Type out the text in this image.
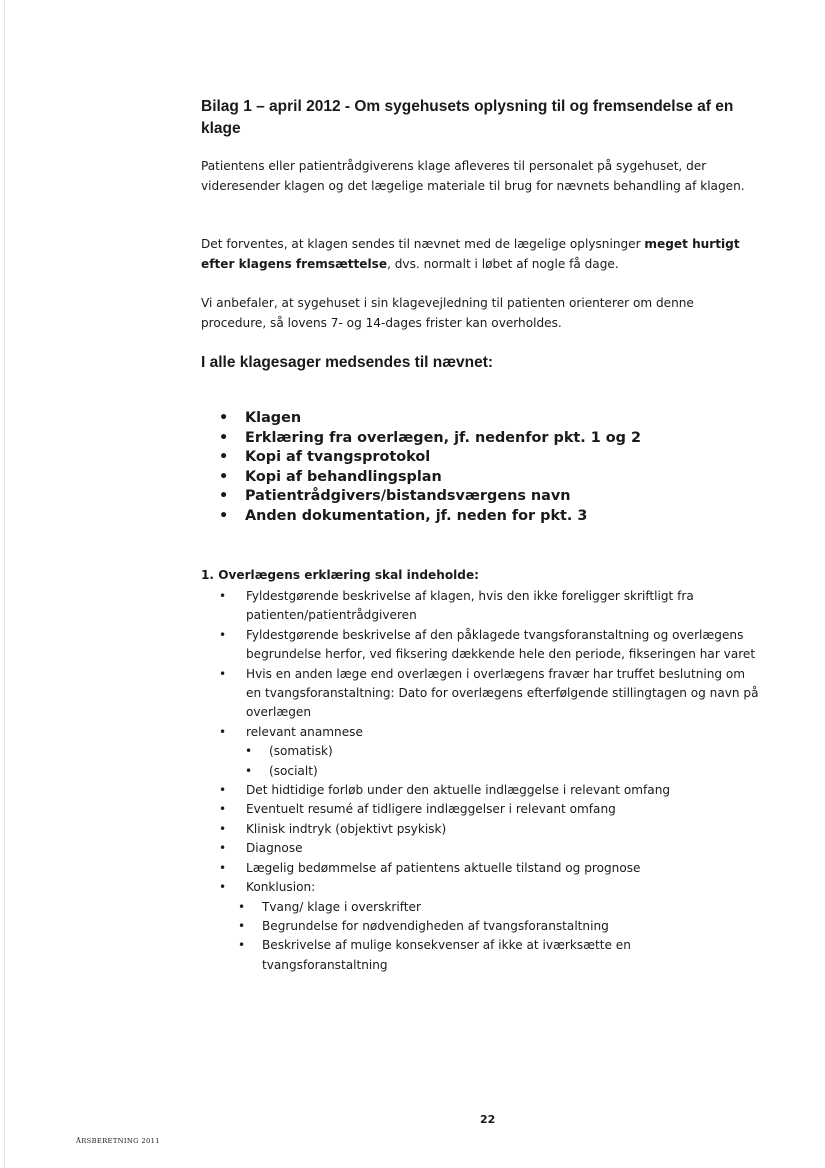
Bilag 1 – april 2012 - Om sygehusets oplysning til og fremsendelse af en klage

Patientens eller patientrådgiverens klage afleveres til personalet på sygehuset, der videresender klagen og det lægelige materiale til brug for nævnets behandling af klagen.

Det forventes, at klagen sendes til nævnet med de lægelige oplysninger meget hurtigt efter klagens fremsættelse, dvs. normalt i løbet af nogle få dage.

Vi anbefaler, at sygehuset i sin klagevejledning til patienten orienterer om denne procedure, så lovens 7- og 14-dages frister kan overholdes.

I alle klagesager medsendes til nævnet:
• Klagen
• Erklæring fra overlægen, jf. nedenfor pkt. 1 og 2
• Kopi af tvangsprotokol
• Kopi af behandlingsplan
• Patientrådgivers/bistandsværgens navn
• Anden dokumentation, jf. neden for pkt. 3
1. Overlægens erklæring skal indeholde:
• Fyldestgørende beskrivelse af klagen, hvis den ikke foreligger skriftligt fra patienten/patientrådgiveren
• Fyldestgørende beskrivelse af den påklagede tvangsforanstaltning og overlægens begrundelse herfor, ved fiksering dækkende hele den periode, fikseringen har varet
• Hvis en anden læge end overlægen i overlægens fravær har truffet beslutning om en tvangsforanstaltning: Dato for overlægens efterfølgende stillingtagen og navn på overlægen
• relevant anamnese
• (somatisk)
• (socialt)
• Det hidtidige forløb under den aktuelle indlæggelse i relevant omfang
• Eventuelt resumé af tidligere indlæggelser i relevant omfang
• Klinisk indtryk (objektivt psykisk)
• Diagnose
• Lægelig bedømmelse af patientens aktuelle tilstand og prognose
• Konklusion:
• Tvang/ klage i overskrifter
• Begrundelse for nødvendigheden af tvangsforanstaltning
• Beskrivelse af mulige konsekvenser af ikke at iværksætte en tvangsforanstaltning

22

ÅRSBERETNING 2011
